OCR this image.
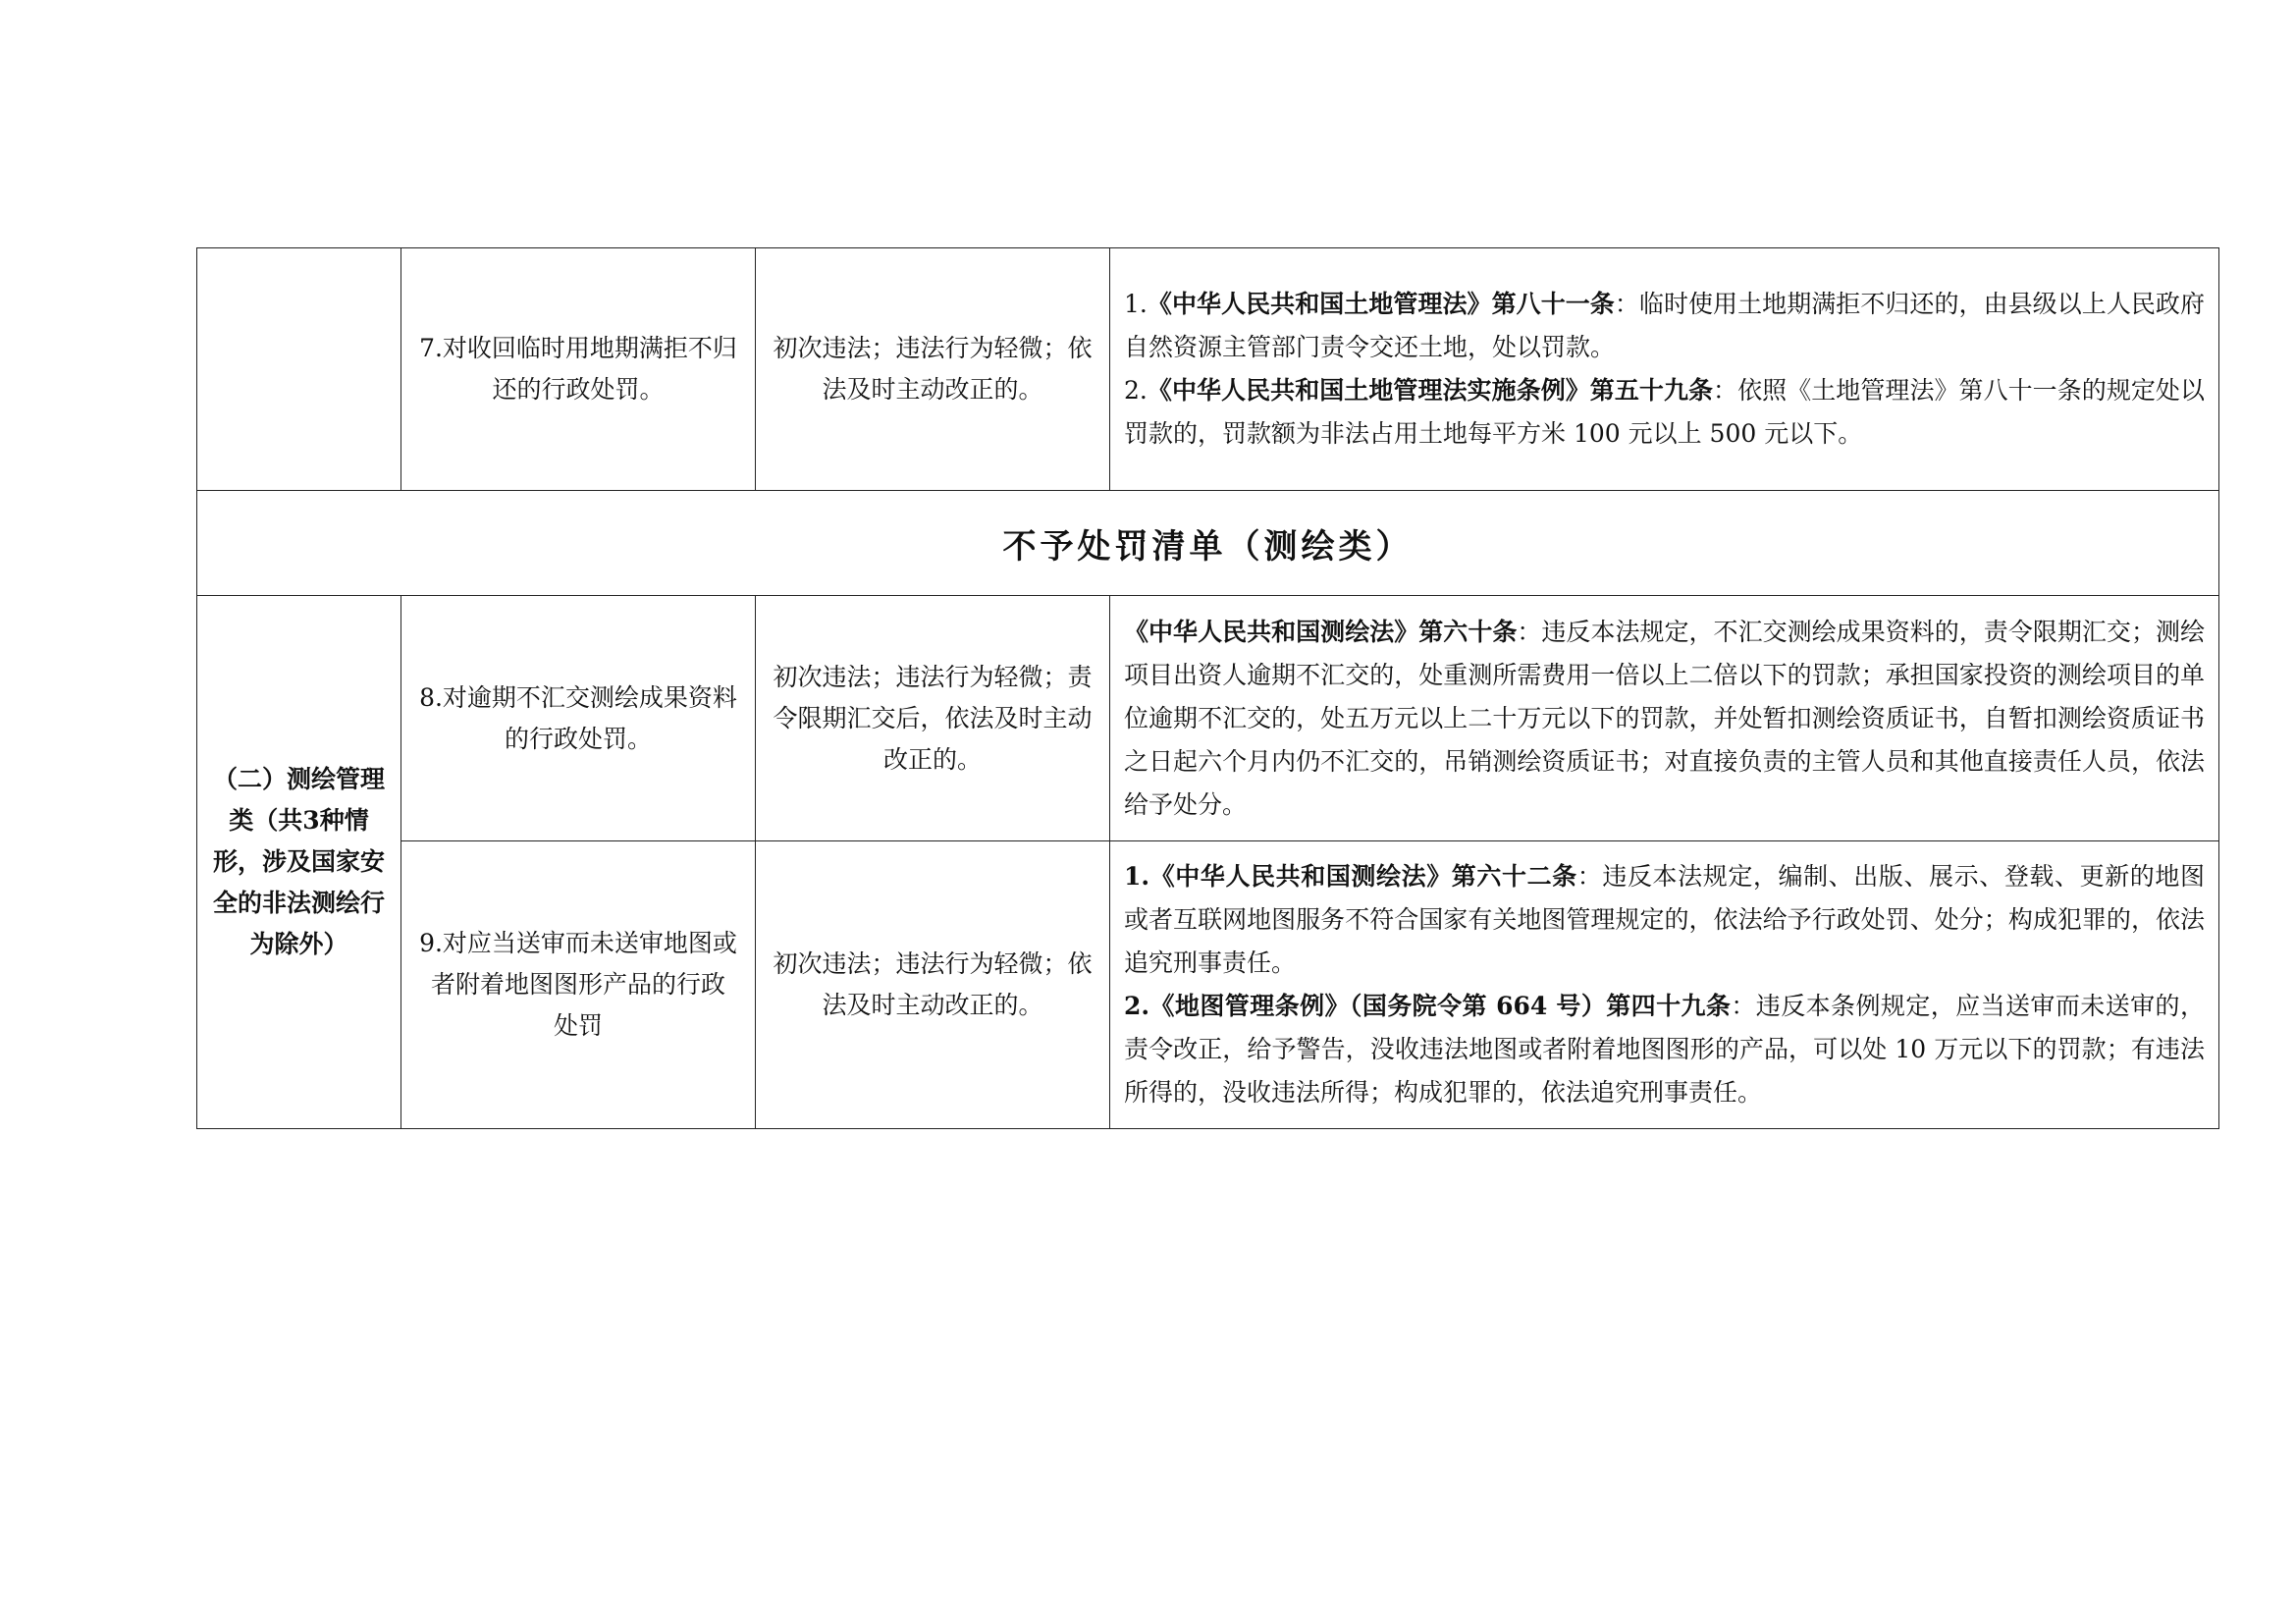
	7.对收回临时用地期满拒不归还的行政处罚。	初次违法；违法行为轻微；依法及时主动改正的。	1.《中华人民共和国土地管理法》第八十一条：临时使用土地期满拒不归还的，由县级以上人民政府自然资源主管部门责令交还土地，处以罚款。

2.《中华人民共和国土地管理法实施条例》第五十九条：依照《土地管理法》第八十一条的规定处以罚款的，罚款额为非法占用土地每平方米 100 元以上 500 元以下。

不予处罚清单（测绘类）			

（二）测绘管理类（共3种情形，涉及国家安全的非法测绘行为除外）	8.对逾期不汇交测绘成果资料的行政处罚。	初次违法；违法行为轻微；责令限期汇交后，依法及时主动改正的。	《中华人民共和国测绘法》第六十条：违反本法规定，不汇交测绘成果资料的，责令限期汇交；测绘项目出资人逾期不汇交的，处重测所需费用一倍以上二倍以下的罚款；承担国家投资的测绘项目的单位逾期不汇交的，处五万元以上二十万元以下的罚款，并处暂扣测绘资质证书，自暂扣测绘资质证书之日起六个月内仍不汇交的，吊销测绘资质证书；对直接负责的主管人员和其他直接责任人员，依法给予处分。

	9.对应当送审而未送审地图或者附着地图图形产品的行政处罚	初次违法；违法行为轻微；依法及时主动改正的。	1.《中华人民共和国测绘法》第六十二条：违反本法规定，编制、出版、展示、登载、更新的地图或者互联网地图服务不符合国家有关地图管理规定的，依法给予行政处罚、处分；构成犯罪的，依法追究刑事责任。

2.《地图管理条例》（国务院令第 664 号）第四十九条：违反本条例规定，应当送审而未送审的，责令改正，给予警告，没收违法地图或者附着地图图形的产品，可以处 10 万元以下的罚款；有违法所得的，没收违法所得；构成犯罪的，依法追究刑事责任。
